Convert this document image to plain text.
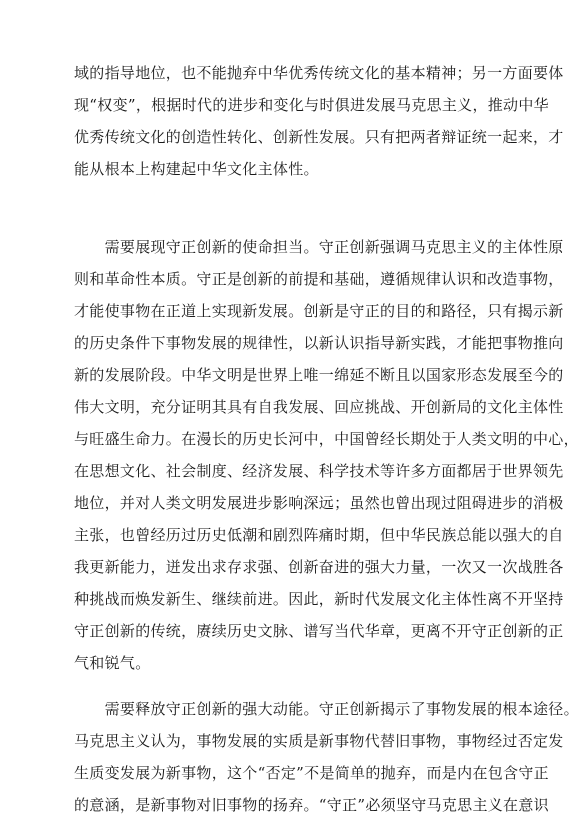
域的指导地位，也不能抛弃中华优秀传统文化的基本精神；另一方面要体
现“权变”，根据时代的进步和变化与时俱进发展马克思主义，推动中华
优秀传统文化的创造性转化、创新性发展。只有把两者辩证统一起来，才
能从根本上构建起中华文化主体性。
　　需要展现守正创新的使命担当。守正创新强调马克思主义的主体性原
则和革命性本质。守正是创新的前提和基础，遵循规律认识和改造事物，
才能使事物在正道上实现新发展。创新是守正的目的和路径，只有揭示新
的历史条件下事物发展的规律性，以新认识指导新实践，才能把事物推向
新的发展阶段。中华文明是世界上唯一绵延不断且以国家形态发展至今的
伟大文明，充分证明其具有自我发展、回应挑战、开创新局的文化主体性
与旺盛生命力。在漫长的历史长河中，中国曾经长期处于人类文明的中心，
在思想文化、社会制度、经济发展、科学技术等许多方面都居于世界领先
地位，并对人类文明发展进步影响深远；虽然也曾出现过阻碍进步的消极
主张，也曾经历过历史低潮和剧烈阵痛时期，但中华民族总能以强大的自
我更新能力，迸发出求存求强、创新奋进的强大力量，一次又一次战胜各
种挑战而焕发新生、继续前进。因此，新时代发展文化主体性离不开坚持
守正创新的传统，赓续历史文脉、谱写当代华章，更离不开守正创新的正
气和锐气。
　　需要释放守正创新的强大动能。守正创新揭示了事物发展的根本途径。
马克思主义认为，事物发展的实质是新事物代替旧事物，事物经过否定发
生质变发展为新事物，这个“否定”不是简单的抛弃，而是内在包含守正
的意涵，是新事物对旧事物的扬弃。“守正”必须坚守马克思主义在意识
